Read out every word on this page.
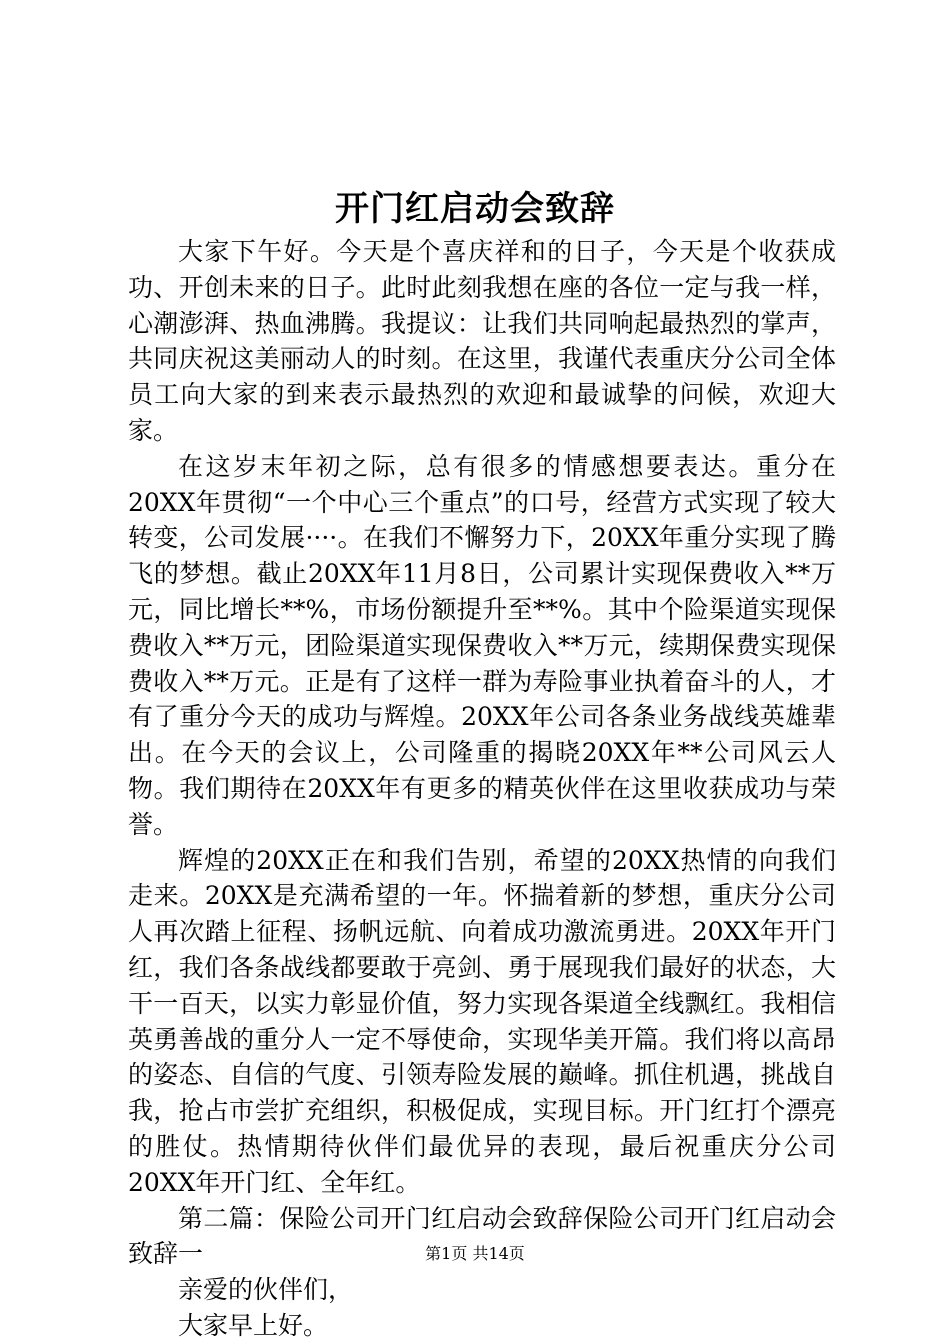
开门红启动会致辞

大家下午好。今天是个喜庆祥和的日子，今天是个收获成功、开创未来的日子。此时此刻我想在座的各位一定与我一样，心潮澎湃、热血沸腾。我提议：让我们共同响起最热烈的掌声，共同庆祝这美丽动人的时刻。在这里，我谨代表重庆分公司全体员工向大家的到来表示最热烈的欢迎和最诚挚的问候，欢迎大家。

在这岁末年初之际，总有很多的情感想要表达。重分在20XX年贯彻“一个中心三个重点”的口号，经营方式实现了较大转变，公司发展····。在我们不懈努力下，20XX年重分实现了腾飞的梦想。截止20XX年11月8日，公司累计实现保费收入**万元，同比增长**%，市场份额提升至**%。其中个险渠道实现保费收入**万元，团险渠道实现保费收入**万元，续期保费实现保费收入**万元。正是有了这样一群为寿险事业执着奋斗的人，才有了重分今天的成功与辉煌。20XX年公司各条业务战线英雄辈出。在今天的会议上，公司隆重的揭晓20XX年**公司风云人物。我们期待在20XX年有更多的精英伙伴在这里收获成功与荣誉。

辉煌的20XX正在和我们告别，希望的20XX热情的向我们走来。20XX是充满希望的一年。怀揣着新的梦想，重庆分公司人再次踏上征程、扬帆远航、向着成功激流勇进。20XX年开门红，我们各条战线都要敢于亮剑、勇于展现我们最好的状态，大干一百天，以实力彰显价值，努力实现各渠道全线飘红。我相信英勇善战的重分人一定不辱使命，实现华美开篇。我们将以高昂的姿态、自信的气度、引领寿险发展的巅峰。抓住机遇，挑战自我，抢占市尝扩充组织，积极促成，实现目标。开门红打个漂亮的胜仗。热情期待伙伴们最优异的表现，最后祝重庆分公司20XX年开门红、全年红。

第二篇：保险公司开门红启动会致辞保险公司开门红启动会致辞一

亲爱的伙伴们，

大家早上好。

第1页 共14页
